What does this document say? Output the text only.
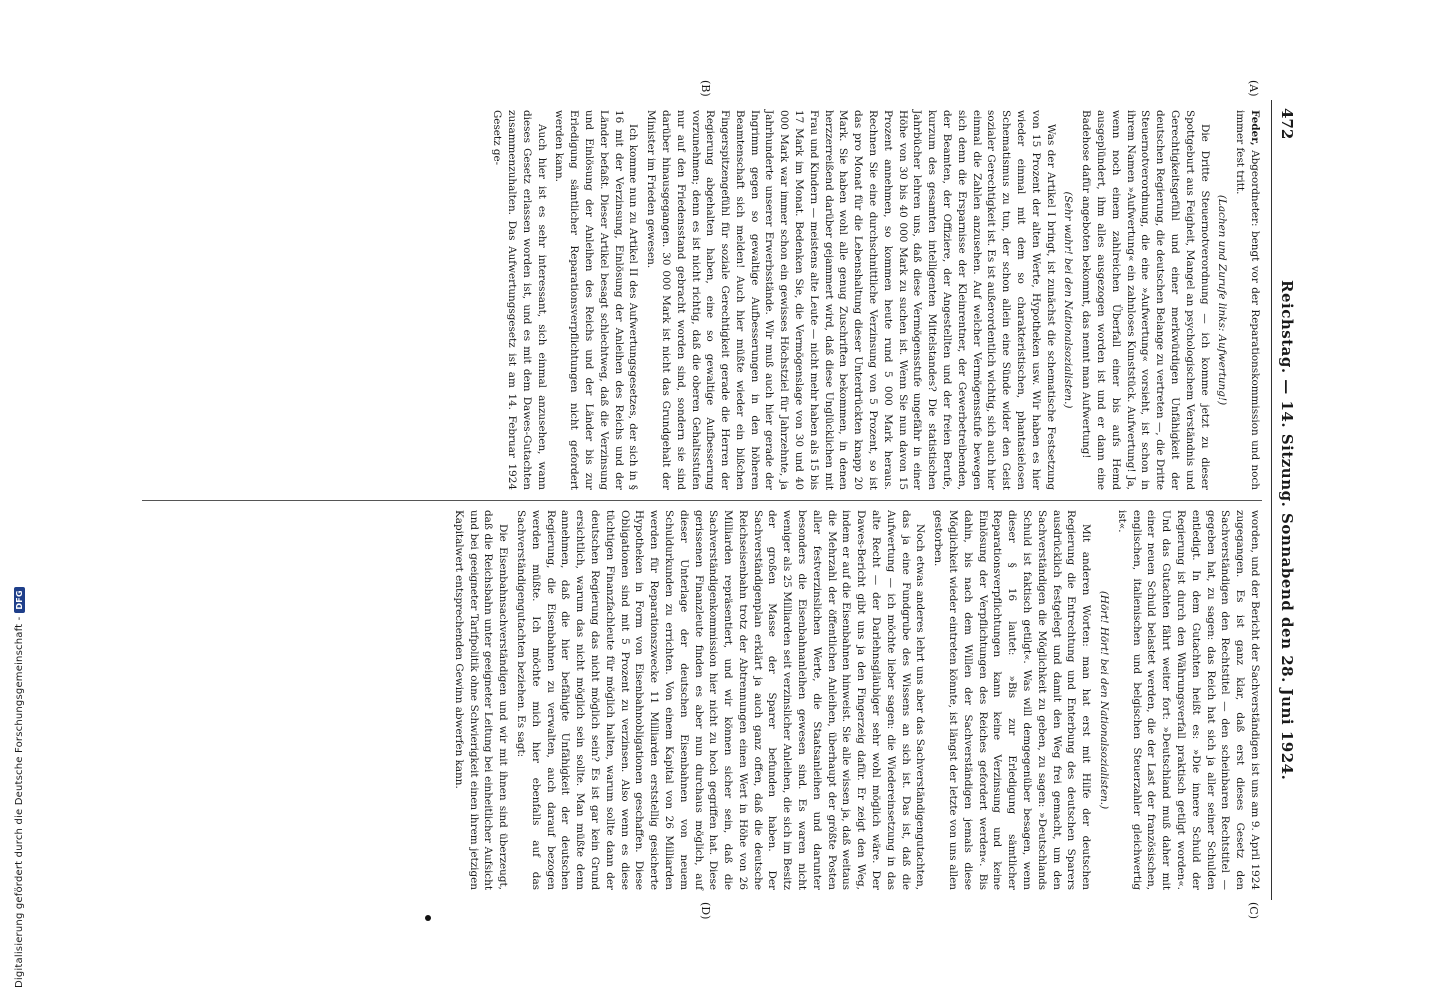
Digitalisierung gefördert durch die Deutsche Forschungsgemeinschaft -
DFG
472
Reichstag. — 14. Sitzung. Sonnabend den 28. Juni 1924.
(A)
(B)
(C)
(D)

Feder, Abgeordneter: bengt vor der Reparationskommission und noch immer fest tritt.

(Lachen und Zurufe links: Aufwertung!)

Die Dritte Steuernotverordnung — ich komme jetzt zu dieser Spottgeburt aus Feigheit, Mangel an psychologischem Verständnis und Gerechtigkeitsgefühl und einer merkwürdigen Unfähigkeit der deutschen Regierung, die deutschen Belange zu vertreten —, die Dritte Steuernotverordnung, die eine »Aufwertung« vorsieht, ist schon in ihrem Namen »Aufwertung« ein zahnloses Kunststück. Aufwertung! Ja, wenn noch einem zahlreichen Überfall einer bis aufs Hemd ausgeplündert, ihm alles ausgezogen worden ist und er dann eine Badehose dafür angeboten bekommt, das nennt man Aufwertung!

(Sehr wahr! bei den Nationalsozialisten.)

Was der Artikel I bringt, ist zunächst die schematische Festsetzung von 15 Prozent der alten Werte, Hypotheken usw. Wir haben es hier wieder einmal mit dem so charakteristischen, phantasielosen Schematismus zu tun, der schon allein eine Sünde wider den Geist sozialer Gerechtigkeit ist. Es ist außerordentlich wichtig, sich auch hier einmal die Zahlen anzusehen. Auf welcher Vermögensstufe bewegen sich denn die Ersparnisse der Kleinrentner, der Gewerbetreibenden, der Beamten, der Offiziere, der Angestellten und der freien Berufe, kurzum des gesamten intelligenten Mittelstandes? Die statistischen Jahrbücher lehren uns, daß diese Vermögensstufe ungefähr in einer Höhe von 30 bis 40 000 Mark zu suchen ist. Wenn Sie nun davon 15 Prozent annehmen, so kommen heute rund 5 000 Mark heraus. Rechnen Sie eine durchschnittliche Verzinsung von 5 Prozent, so ist das pro Monat für die Lebenshaltung dieser Unterdrückten knapp 20 Mark. Sie haben wohl alle genug Zuschriften bekommen, in denen herzzerreißend darüber gejammert wird, daß diese Unglücklichen mit Frau und Kindern — meistens alte Leute — nicht mehr haben als 15 bis 17 Mark im Monat. Bedenken Sie, die Vermögenslage von 30 und 40 000 Mark war immer schon ein gewisses Höchstziel für Jahrzehnte, ja Jahrhunderte unserer Erwerbsstände. Wir muß auch hier gerade der Ingrimm gegen so gewaltige Aufbesserungen in den höheren Beamtenschaft sich melden! Auch hier müßte wieder ein bißchen Fingerspitzengefühl für soziale Gerechtigkeit gerade die Herren der Regierung abgehalten haben, eine so gewaltige Aufbesserung vorzunehmen; denn es ist nicht richtig, daß die oberen Gehaltsstufen nur auf den Friedensstand gebracht worden sind, sondern sie sind darüber hinausgegangen. 30 000 Mark ist nicht das Grundgehalt der Minister im Frieden gewesen.

Ich komme nun zu Artikel II des Aufwertungsgesetzes, der sich in § 16 mit der Verzinsung, Einlösung der Anleihen des Reichs und der Länder befaßt. Dieser Artikel besagt schlechtweg, daß die Verzinsung und Einlösung der Anleihen des Reichs und der Länder bis zur Erledigung sämtlicher Reparationsverpflichtungen nicht gefordert werden kann.

Auch hier ist es sehr interessant, sich einmal anzusehen, wann dieses Gesetz erlassen worden ist, und es mit dem Dawes-Gutachten zusammenzuhalten. Das Aufwertungsgesetz ist am 14. Februar 1924 Gesetz ge-

worden, und der Bericht der Sachverständigen ist uns am 9. April 1924 zugegangen. Es ist ganz klar, daß erst dieses Gesetz den Sachverständigen den Rechtstitel — den scheinbaren Rechtstitel — gegeben hat, zu sagen: das Reich hat sich ja aller seiner Schulden entledigt. In dem Gutachten heißt es: »Die innere Schuld der Regierung ist durch den Währungsverfall praktisch getilgt worden«. Und das Gutachten fährt weiter fort: »Deutschland muß daher mit einer neuen Schuld belastet werden, die der Last der französischen, englischen, italienischen und belgischen Steuerzahler gleichwertig ist«.

(Hört! Hört! bei den Nationalsozialisten.)

Mit anderen Worten: man hat erst mit Hilfe der deutschen Regierung die Entrechtung und Enterbung des deutschen Sparers ausdrücklich festgelegt und damit den Weg frei gemacht, um den Sachverständigen die Möglichkeit zu geben, zu sagen: »Deutschlands Schuld ist faktisch getilgt«. Was will demgegenüber besagen, wenn dieser § 16 lautet: »Bis zur Erledigung sämtlicher Reparationsverpflichtungen kann keine Verzinsung und keine Einlösung der Verpflichtungen des Reiches gefordert werden«. Bis dahin, bis nach dem Willen der Sachverständigen jemals diese Möglichkeit wieder eintreten könnte, ist längst der letzte von uns allen gestorben.

Noch etwas anderes lehrt uns aber das Sachverständigengutachten, das ja eine Fundgrube des Wissens an sich ist. Das ist, daß die Aufwertung — ich möchte lieber sagen: die Wiedereinsetzung in das alte Recht — der Darlehnsgläubiger sehr wohl möglich wäre. Der Dawes-Bericht gibt uns ja den Fingerzeig dafür. Er zeigt den Weg, indem er auf die Eisenbahnen hinweist. Sie alle wissen ja, daß weitaus die Mehrzahl der öffentlichen Anleihen, überhaupt der größte Posten aller festverzinslichen Werte, die Staatsanleihen und darunter besonders die Eisenbahnanleihen gewesen sind. Es waren nicht weniger als 25 Milliarden seit verzinslicher Anleihen, die sich im Besitz der großen Masse der Sparer befunden haben. Der Sachverständigenplan erklärt ja auch ganz offen, daß die deutsche Reichseisenbahn trotz der Abtrennungen einen Wert in Höhe von 26 Milliarden repräsentiert, und wir können sicher sein, daß die Sachverständigenkommission hier nicht zu hoch gegriffen hat. Diese gerissenen Finanzleute finden es aber nun durchaus möglich, auf dieser Unterlage der deutschen Eisenbahnen von neuem Schuldurkunden zu errichten. Von einem Kapital von 26 Milliarden werden für Reparationszwecke 11 Milliarden erststellig gesicherte Hypotheken in Form von Eisenbahnobligationen geschaffen. Diese Obligationen sind mit 5 Prozent zu verzinsen. Also wenn es diese tüchtigen Finanzfachleute für möglich halten, warum sollte dann der deutschen Regierung das nicht möglich sein? Es ist gar kein Grund ersichtlich, warum das nicht möglich sein sollte. Man müßte denn annehmen, daß die hier befähigte Unfähigkeit der deutschen Regierung, die Eisenbahnen zu verwalten, auch darauf bezogen werden müßte. Ich möchte mich hier ebenfalls auf das Sachverständigengutachten beziehen. Es sagt:

Die Eisenbahnsachverständigen und wir mit ihnen sind überzeugt, daß die Reichsbahn unter geeigneter Leitung bei einheitlicher Aufsicht und bei geeigneter Tarifpolitik ohne Schwierigkeit einen ihrem jetzigen Kapitalwert entsprechenden Gewinn abwerfen kann.
